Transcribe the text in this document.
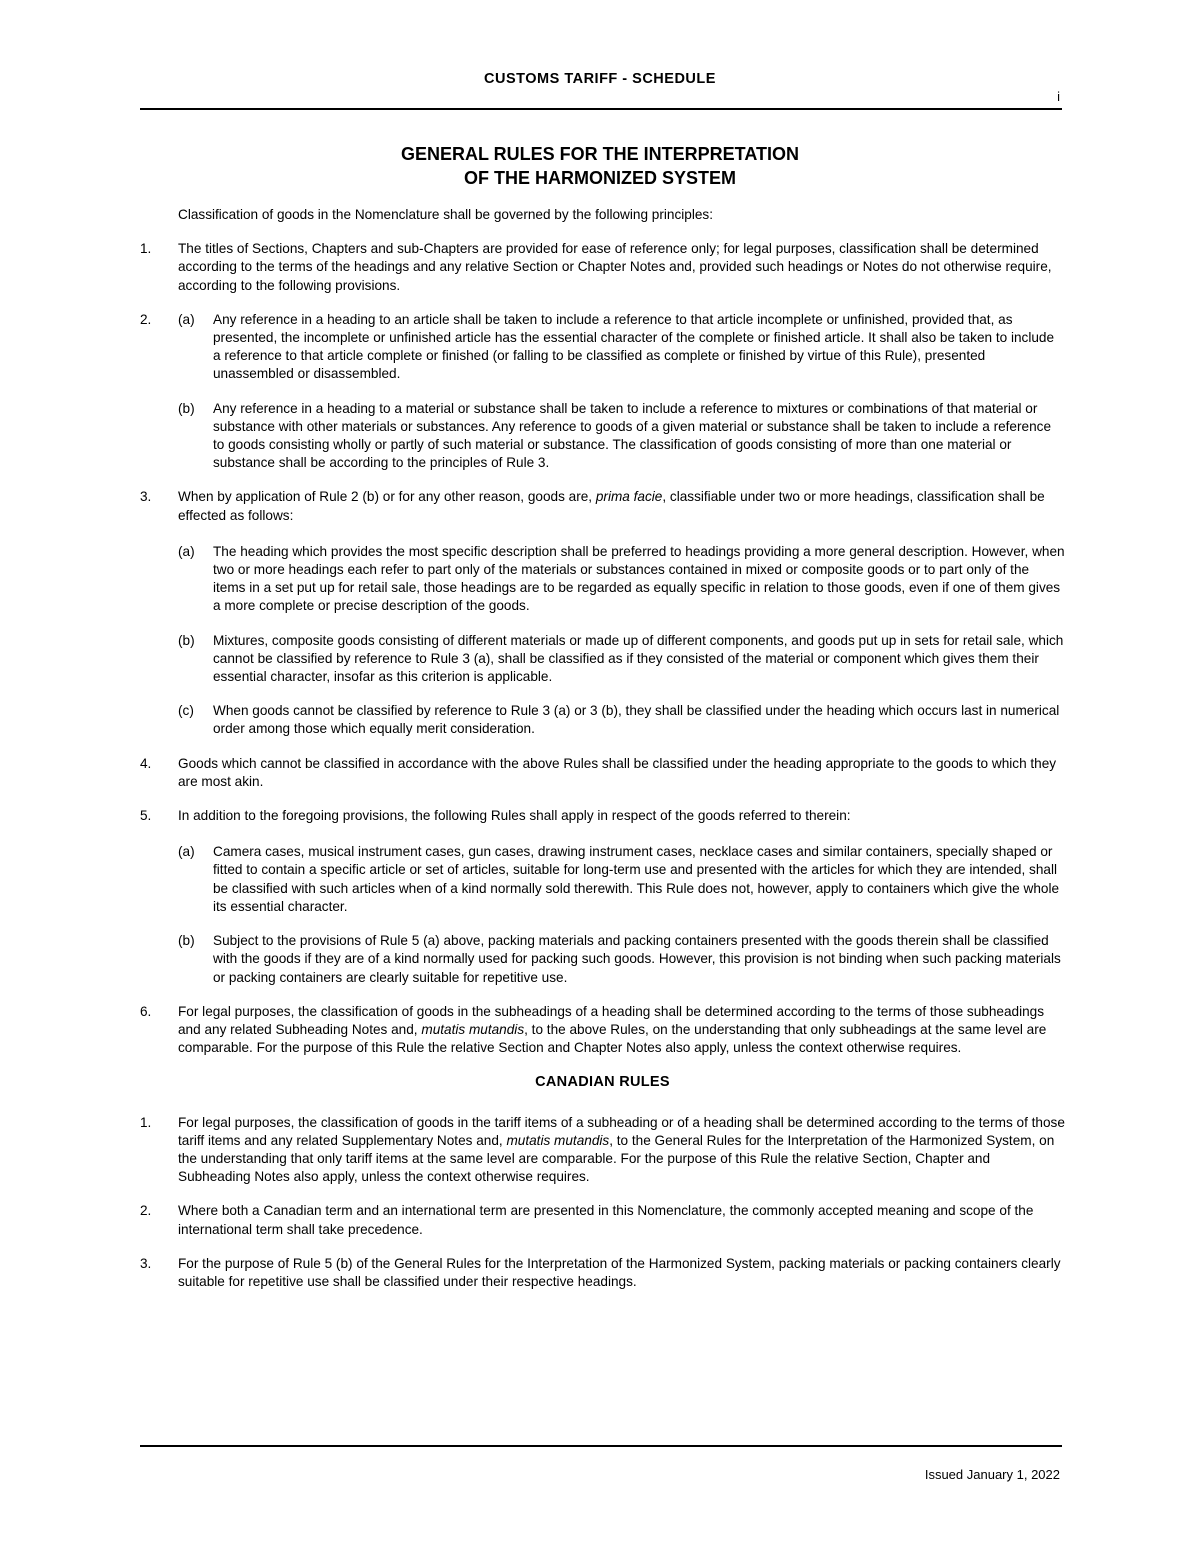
CUSTOMS TARIFF - SCHEDULE
i
GENERAL RULES FOR THE INTERPRETATION
OF THE HARMONIZED SYSTEM

Classification of goods in the Nomenclature shall be governed by the following principles:

1.	The titles of Sections, Chapters and sub-Chapters are provided for ease of reference only; for legal purposes, classification shall be determined according to the terms of the headings and any relative Section or Chapter Notes and, provided such headings or Notes do not otherwise require, according to the following provisions.
2.	(a)	Any reference in a heading to an article shall be taken to include a reference to that article incomplete or unfinished, provided that, as presented, the incomplete or unfinished article has the essential character of the complete or finished article. It shall also be taken to include a reference to that article complete or finished (or falling to be classified as complete or finished by virtue of this Rule), presented unassembled or disassembled.
(b)	Any reference in a heading to a material or substance shall be taken to include a reference to mixtures or combinations of that material or substance with other materials or substances. Any reference to goods of a given material or substance shall be taken to include a reference to goods consisting wholly or partly of such material or substance. The classification of goods consisting of more than one material or substance shall be according to the principles of Rule 3.
3.	When by application of Rule 2 (b) or for any other reason, goods are, prima facie, classifiable under two or more headings, classification shall be effected as follows:

(a)	The heading which provides the most specific description shall be preferred to headings providing a more general description. However, when two or more headings each refer to part only of the materials or substances contained in mixed or composite goods or to part only of the items in a set put up for retail sale, those headings are to be regarded as equally specific in relation to those goods, even if one of them gives a more complete or precise description of the goods.
(b)	Mixtures, composite goods consisting of different materials or made up of different components, and goods put up in sets for retail sale, which cannot be classified by reference to Rule 3 (a), shall be classified as if they consisted of the material or component which gives them their essential character, insofar as this criterion is applicable.
(c)	When goods cannot be classified by reference to Rule 3 (a) or 3 (b), they shall be classified under the heading which occurs last in numerical order among those which equally merit consideration.
4.	Goods which cannot be classified in accordance with the above Rules shall be classified under the heading appropriate to the goods to which they are most akin.
5.	In addition to the foregoing provisions, the following Rules shall apply in respect of the goods referred to therein:

(a)	Camera cases, musical instrument cases, gun cases, drawing instrument cases, necklace cases and similar containers, specially shaped or fitted to contain a specific article or set of articles, suitable for long-term use and presented with the articles for which they are intended, shall be classified with such articles when of a kind normally sold therewith. This Rule does not, however, apply to containers which give the whole its essential character.
(b)	Subject to the provisions of Rule 5 (a) above, packing materials and packing containers presented with the goods therein shall be classified with the goods if they are of a kind normally used for packing such goods. However, this provision is not binding when such packing materials or packing containers are clearly suitable for repetitive use.
6.	For legal purposes, the classification of goods in the subheadings of a heading shall be determined according to the terms of those subheadings and any related Subheading Notes and, mutatis mutandis, to the above Rules, on the understanding that only subheadings at the same level are comparable. For the purpose of this Rule the relative Section and Chapter Notes also apply, unless the context otherwise requires.
CANADIAN RULES
1.	For legal purposes, the classification of goods in the tariff items of a subheading or of a heading shall be determined according to the terms of those tariff items and any related Supplementary Notes and, mutatis mutandis, to the General Rules for the Interpretation of the Harmonized System, on the understanding that only tariff items at the same level are comparable. For the purpose of this Rule the relative Section, Chapter and Subheading Notes also apply, unless the context otherwise requires.
2.	Where both a Canadian term and an international term are presented in this Nomenclature, the commonly accepted meaning and scope of the international term shall take precedence.
3.	For the purpose of Rule 5 (b) of the General Rules for the Interpretation of the Harmonized System, packing materials or packing containers clearly suitable for repetitive use shall be classified under their respective headings.
Issued January 1, 2022
